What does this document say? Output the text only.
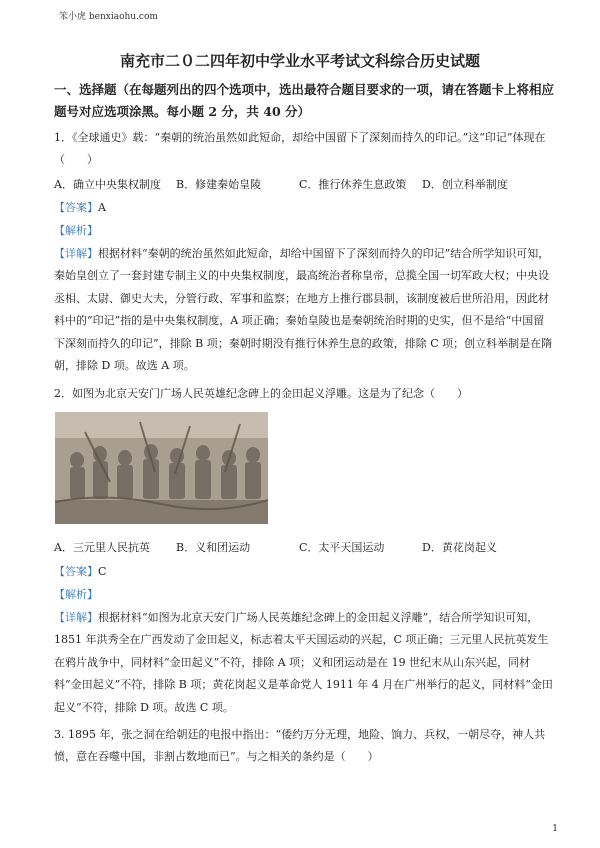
笨小虎 benxiaohu.com
南充市二０二四年初中学业水平考试文科综合历史试题
一、选择题（在每题列出的四个选项中，选出最符合题目要求的一项，请在答题卡上将相应题号对应选项涂黑。每小题 2 分，共 40 分）
1．《全球通史》载：“秦朝的统治虽然如此短命，却给中国留下了深刻而持久的印记。”这“印记”体现在（　　）
A．确立中央集权制度 B．修建秦始皇陵	C．推行休养生息政策 D．创立科举制度
【答案】A
【解析】
【详解】根据材料“秦朝的统治虽然如此短命，却给中国留下了深刻而持久的印记”结合所学知识可知，秦始皇创立了一套封建专制主义的中央集权制度，最高统治者称皇帝，总揽全国一切军政大权；中央设丞相、太尉、御史大夫，分管行政、军事和监察；在地方上推行郡县制，该制度被后世所沿用，因此材料中的“印记”指的是中央集权制度，A 项正确；秦始皇陵也是秦朝统治时期的史实，但不是给“中国留下深刻而持久的印记”，排除 B 项；秦朝时期没有推行休养生息的政策，排除 C 项；创立科举制是在隋朝，排除 D 项。故选 A 项。
2．如图为北京天安门广场人民英雄纪念碑上的金田起义浮雕。这是为了纪念（　　）
A．三元里人民抗英 B．义和团运动	C．太平天国运动	D．黄花岗起义
【答案】C
【解析】
【详解】根据材料“如图为北京天安门广场人民英雄纪念碑上的金田起义浮雕”，结合所学知识可知，1851 年洪秀全在广西发动了金田起义，标志着太平天国运动的兴起，C 项正确；三元里人民抗英发生在鸦片战争中，同材料“金田起义”不符，排除 A 项；义和团运动是在 19 世纪末从山东兴起，同材料“金田起义”不符，排除 B 项；黄花岗起义是革命党人 1911 年 4 月在广州举行的起义，同材料“金田起义”不符，排除 D 项。故选 C 项。
3. 1895 年，张之洞在给朝廷的电报中指出：“倭约万分无理，地险、饷力、兵权，一朝尽夺，神人共愤，意在吞噬中国，非割占数地而已”。与之相关的条约是（　　）
1
